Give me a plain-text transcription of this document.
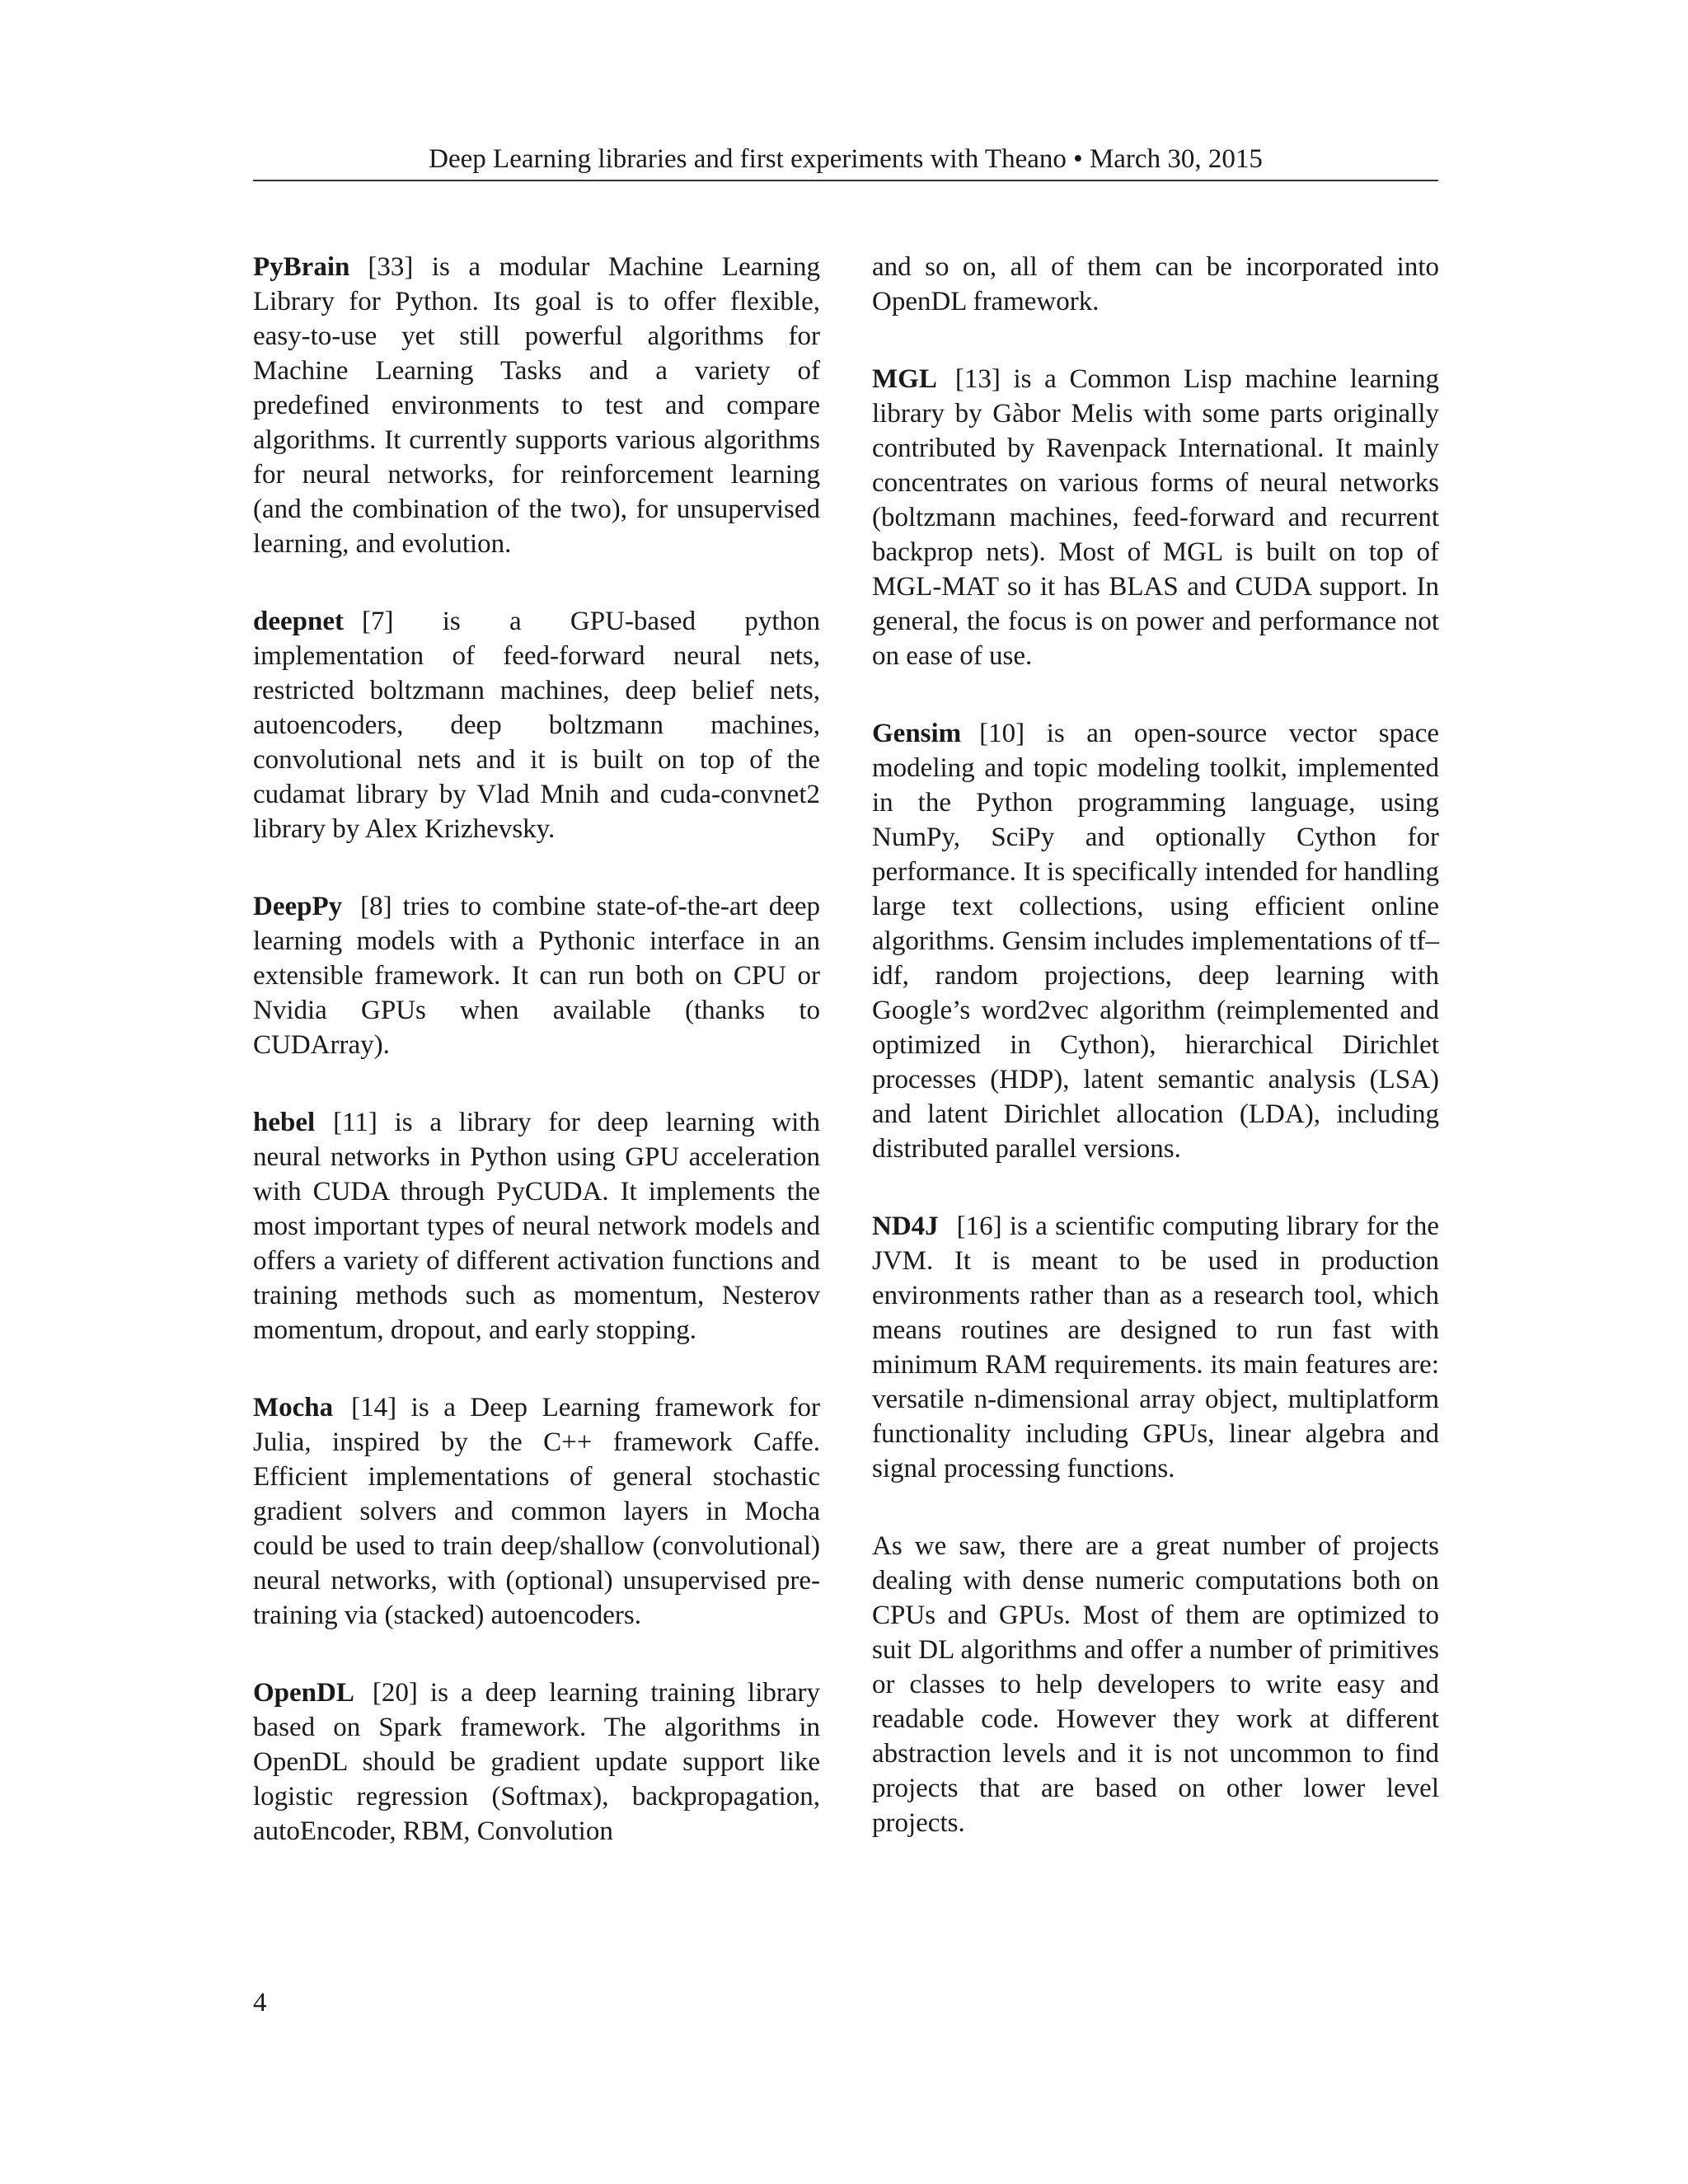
Deep Learning libraries and first experiments with Theano • March 30, 2015

PyBrain [33] is a modular Machine Learning Library for Python. Its goal is to offer flexible, easy-to-use yet still powerful algorithms for Machine Learning Tasks and a variety of predefined environments to test and compare algorithms. It currently supports various algorithms for neural networks, for reinforcement learning (and the combination of the two), for unsupervised learning, and evolution.

deepnet [7] is a GPU-based python implementation of feed-forward neural nets, restricted boltzmann machines, deep belief nets, autoencoders, deep boltzmann machines, convolutional nets and it is built on top of the cudamat library by Vlad Mnih and cuda-convnet2 library by Alex Krizhevsky.

DeepPy [8] tries to combine state-of-the-art deep learning models with a Pythonic interface in an extensible framework. It can run both on CPU or Nvidia GPUs when available (thanks to CUDArray).

hebel [11] is a library for deep learning with neural networks in Python using GPU acceleration with CUDA through PyCUDA. It implements the most important types of neural network models and offers a variety of different activation functions and training methods such as momentum, Nesterov momentum, dropout, and early stopping.

Mocha [14] is a Deep Learning framework for Julia, inspired by the C++ framework Caffe. Efficient implementations of general stochastic gradient solvers and common layers in Mocha could be used to train deep/shallow (convolutional) neural networks, with (optional) unsupervised pre-training via (stacked) autoencoders.

OpenDL [20] is a deep learning training library based on Spark framework. The algorithms in OpenDL should be gradient update support like logistic regression (Softmax), backpropagation, autoEncoder, RBM, Convolution

and so on, all of them can be incorporated into OpenDL framework.

MGL [13] is a Common Lisp machine learning library by Gàbor Melis with some parts originally contributed by Ravenpack International. It mainly concentrates on various forms of neural networks (boltzmann machines, feed-forward and recurrent backprop nets). Most of MGL is built on top of MGL-MAT so it has BLAS and CUDA support. In general, the focus is on power and performance not on ease of use.

Gensim [10] is an open-source vector space modeling and topic modeling toolkit, implemented in the Python programming language, using NumPy, SciPy and optionally Cython for performance. It is specifically intended for handling large text collections, using efficient online algorithms. Gensim includes implementations of tf–idf, random projections, deep learning with Google’s word2vec algorithm (reimplemented and optimized in Cython), hierarchical Dirichlet processes (HDP), latent semantic analysis (LSA) and latent Dirichlet allocation (LDA), including distributed parallel versions.

ND4J [16] is a scientific computing library for the JVM. It is meant to be used in production environments rather than as a research tool, which means routines are designed to run fast with minimum RAM requirements. its main features are: versatile n-dimensional array object, multiplatform functionality including GPUs, linear algebra and signal processing functions.

As we saw, there are a great number of projects dealing with dense numeric computations both on CPUs and GPUs. Most of them are optimized to suit DL algorithms and offer a number of primitives or classes to help developers to write easy and readable code. However they work at different abstraction levels and it is not uncommon to find projects that are based on other lower level projects.

4
